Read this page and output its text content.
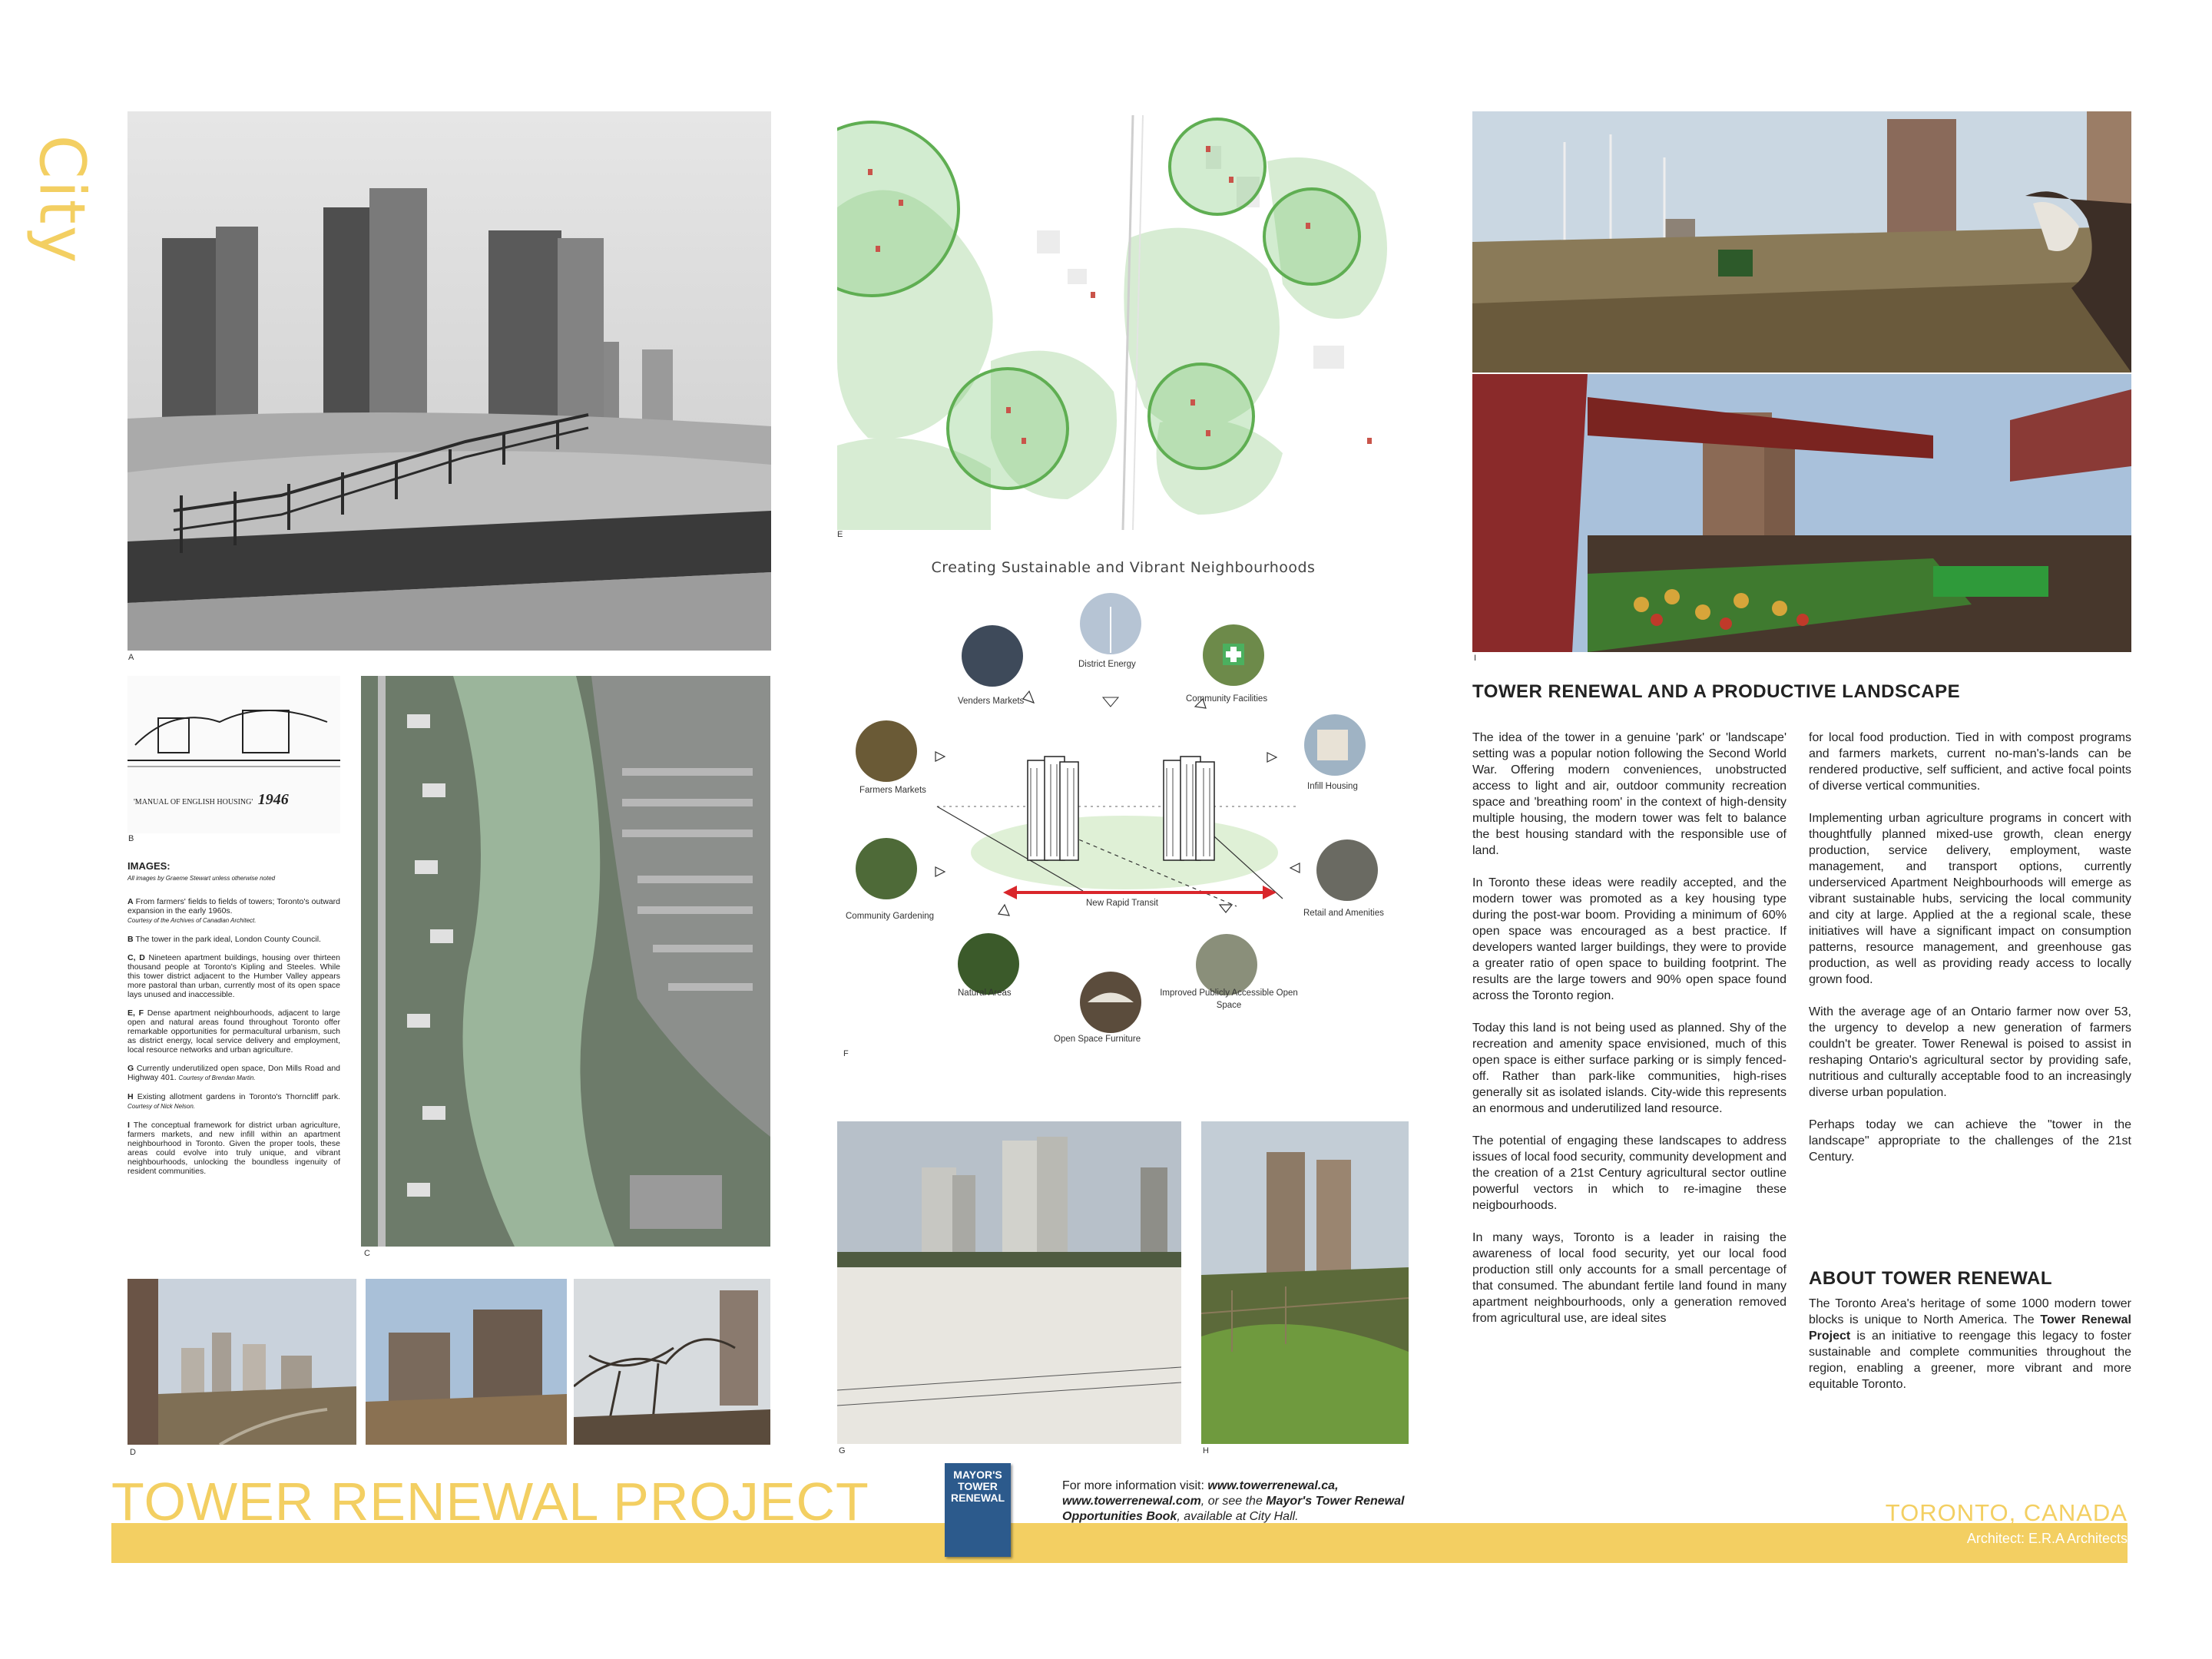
City
A
'MANUAL OF ENGLISH HOUSING' 1946
B
IMAGES:
All images by Graeme Stewart unless otherwise noted

A From farmers' fields to fields of towers; Toronto's outward expansion in the early 1960s.
Courtesy of the Archives of Canadian Architect.

B The tower in the park ideal, London County Council.

C, D Nineteen apartment buildings, housing over thirteen thousand people at Toronto's Kipling and Steeles. While this tower district adjacent to the Humber Valley appears more pastoral than urban, currently most of its open space lays unused and inaccessible.

E, F Dense apartment neighbourhoods, adjacent to large open and natural areas found throughout Toronto offer remarkable opportunities for permacultural urbanism, such as district energy, local service delivery and employment, local resource networks and urban agriculture.

G Currently underutilized open space, Don Mills Road and Highway 401. Courtesy of Brendan Martin.

H Existing allotment gardens in Toronto's Thorncliff park. Courtesy of Nick Nelson.

I The conceptual framework for district urban agriculture, farmers markets, and new infill within an apartment neighbourhood in Toronto. Given the proper tools, these areas could evolve into truly unique, and vibrant neighbourhoods, unlocking the boundless ingenuity of resident communities.

C
D
E
Creating Sustainable and Vibrant Neighbourhoods
District Energy
Community Facilities
Infill Housing
Retail and Amenities
Improved Publicly Accessible Open Space
Open Space Furniture
Natural Areas
Community Gardening
Farmers Markets
Venders Markets
New Rapid Transit
F
G	H
I
TOWER RENEWAL AND A PRODUCTIVE LANDSCAPE

The idea of the tower in a genuine 'park' or 'landscape' setting was a popular notion following the Second World War. Offering modern conveniences, unobstructed access to light and air, outdoor community recreation space and 'breathing room' in the context of high-density multiple housing, the modern tower was felt to balance the best housing standard with the responsible use of land.

In Toronto these ideas were readily accepted, and the modern tower was promoted as a key housing type during the post-war boom. Providing a minimum of 60% open space was encouraged as a best practice. If developers wanted larger buildings, they were to provide a greater ratio of open space to building footprint. The results are the large towers and 90% open space found across the Toronto region.

Today this land is not being used as planned. Shy of the recreation and amenity space envisioned, much of this open space is either surface parking or is simply fenced-off. Rather than park-like communities, high-rises generally sit as isolated islands. City-wide this represents an enormous and underutilized land resource.

The potential of engaging these landscapes to address issues of local food security, community development and the creation of a 21st Century agricultural sector outline powerful vectors in which to re-imagine these neigbourhoods.

In many ways, Toronto is a leader in raising the awareness of local food security, yet our local food production still only accounts for a small percentage of that consumed. The abundant fertile land found in many apartment neighbourhoods, only a generation removed from agricultural use, are ideal sites

for local food production. Tied in with compost programs and farmers markets, current no-man's-lands can be rendered productive, self sufficient, and active focal points of diverse vertical communities.

Implementing urban agriculture programs in concert with thoughtfully planned mixed-use growth, clean energy production, service delivery, employment, waste management, and transport options, currently underserviced Apartment Neighbourhoods will emerge as vibrant sustainable hubs, servicing the local community and city at large. Applied at the a regional scale, these initiatives will have a significant impact on consumption patterns, resource management, and greenhouse gas production, as well as providing ready access to locally grown food.

With the average age of an Ontario farmer now over 53, the urgency to develop a new generation of farmers couldn't be greater. Tower Renewal is poised to assist in reshaping Ontario's agricultural sector by providing safe, nutritious and culturally acceptable food to an increasingly diverse urban population.

Perhaps today we can achieve the "tower in the landscape" appropriate to the challenges of the 21st Century.

ABOUT TOWER RENEWAL

The Toronto Area's heritage of some 1000 modern tower blocks is unique to North America. The Tower Renewal Project is an initiative to reengage this legacy to foster sustainable and complete communities throughout the region, enabling a greener, more vibrant and more equitable Toronto.

TOWER RENEWAL PROJECT	MAYOR'S TOWER RENEWAL
For more information visit: www.towerrenewal.ca, www.towerrenewal.com, or see the Mayor's Tower Renewal Opportunities Book, available at City Hall.	TORONTO, CANADA
Architect: E.R.A Architects
